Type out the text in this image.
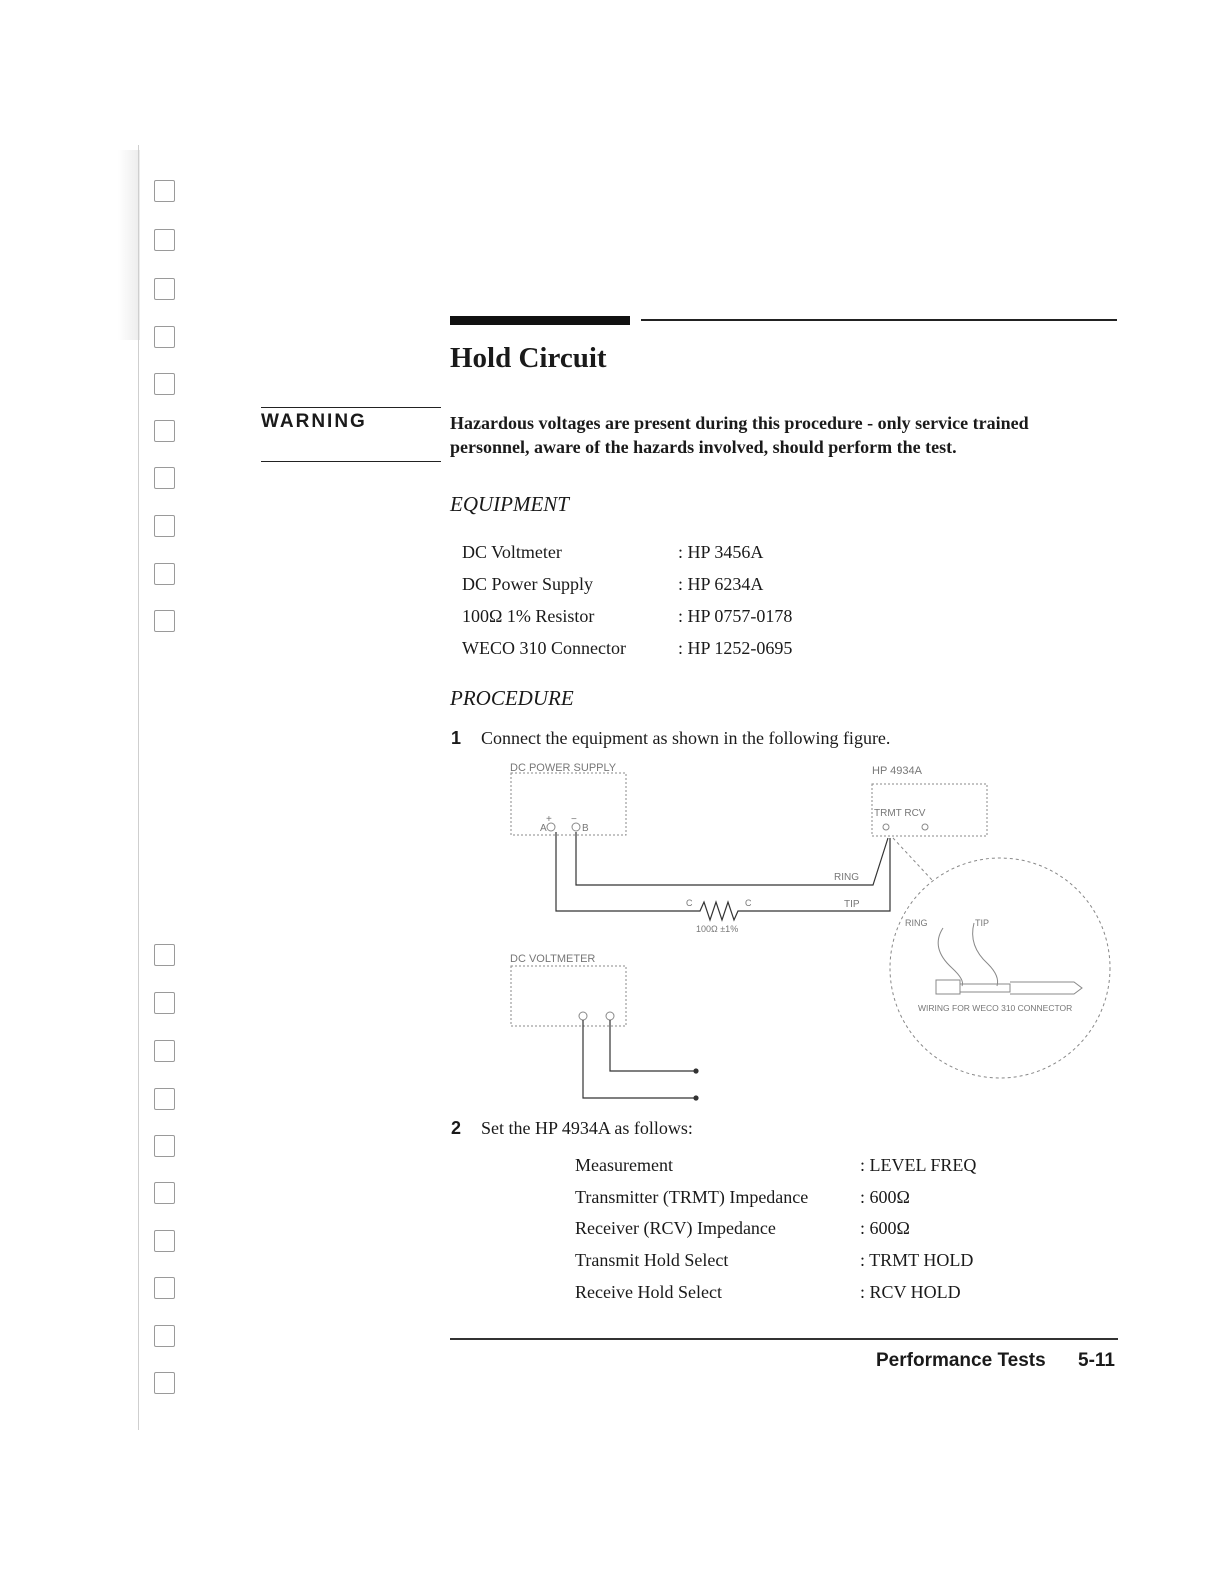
Hold Circuit
WARNING	Hazardous voltages are present during this procedure - only service trained personnel, aware of the hazards involved, should perform the test.
EQUIPMENT
DC Voltmeter	: HP 3456A
DC Power Supply	: HP 6234A
100Ω 1% Resistor	: HP 0757-0178
WECO 310 Connector	: HP 1252-0695
PROCEDURE
1 Connect the equipment as shown in the following figure.
DC POWER SUPPLY
+ −
A	B
HP 4934A
TRMT RCV
RING
TIP
C	C
100Ω ±1%
DC VOLTMETER
RING	TIP
WIRING FOR WECO 310 CONNECTOR
2 Set the HP 4934A as follows:
Measurement	: LEVEL FREQ
Transmitter (TRMT) Impedance	: 600Ω
Receiver (RCV) Impedance	: 600Ω
Transmit Hold Select	: TRMT HOLD
Receive Hold Select	: RCV HOLD
Performance Tests 5-11
